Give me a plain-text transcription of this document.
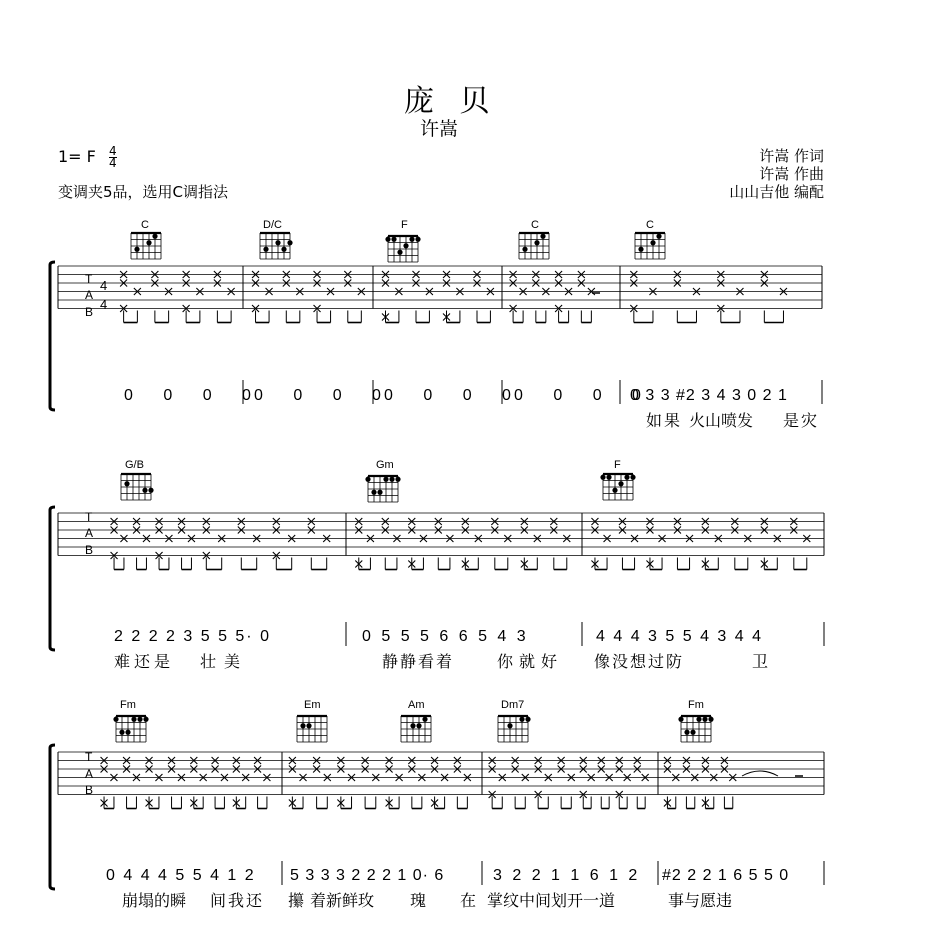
庞 贝
许嵩
1= F $\frac{4}{4}$
变调夹5品，选用C调指法
许嵩 作词
许嵩 作曲
山山吉他 编配
T
A
B
4
4
T
A
B
T
A
B
C	D/C	F	C	C
G/B	Gm	F
Fm	Em	Am	Dm7	Fm
0 0 0 0
0 0 0 0
0 0 0 0
0 0 0 0
0 3 3 #2 3 4 3 0 2 1
2 2 2 2 3 5 5 5· 0	0 5 5 5 6 6 5 4 3	4 4 4 3 5 5 4 3 4 4
0 4 4 4 5 5 4 1 2 5 3 3 3 2 2 2 1 0· 6	3 2 2 1 1 6 1 2 #2 2 2 1 6 5 5 0
如果 火山喷发 是灾
难还是 壮 美	静静看着	你就好 像没想过防	卫
崩塌的瞬 间我还 攥 着新鲜玫 瑰 在 掌纹中间划开一道	事与愿违
